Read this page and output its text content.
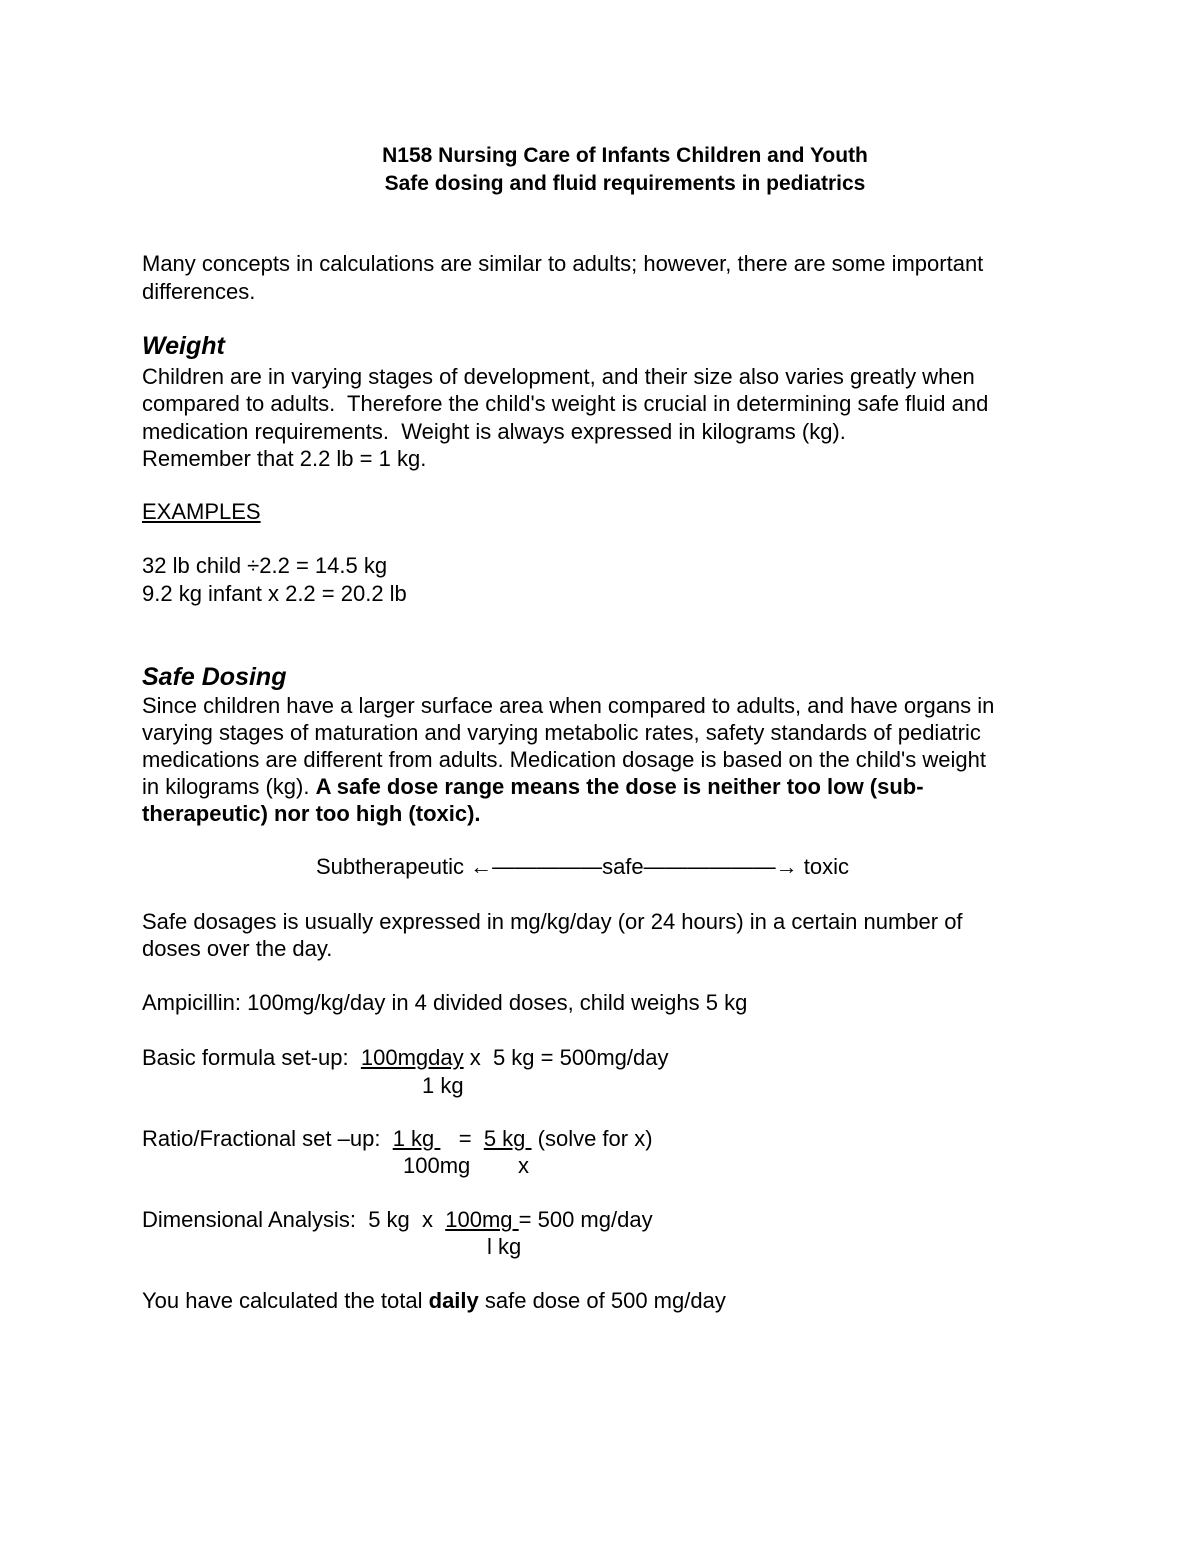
N158 Nursing Care of Infants Children and Youth
Safe dosing and fluid requirements in pediatrics
Many concepts in calculations are similar to adults; however, there are some important
differences.
Weight
Children are in varying stages of development, and their size also varies greatly when
compared to adults.  Therefore the child's weight is crucial in determining safe fluid and
medication requirements.  Weight is always expressed in kilograms (kg).
Remember that 2.2 lb = 1 kg.
EXAMPLES
32 lb child ÷2.2 = 14.5 kg
9.2 kg infant x 2.2 = 20.2 lb
Safe Dosing
Since children have a larger surface area when compared to adults, and have organs in
varying stages of maturation and varying metabolic rates, safety standards of pediatric
medications are different from adults. Medication dosage is based on the child's weight
in kilograms (kg). A safe dose range means the dose is neither too low (sub-
therapeutic) nor too high (toxic).
Subtherapeutic ←―――――safe――――――→ toxic
Safe dosages is usually expressed in mg/kg/day (or 24 hours) in a certain number of
doses over the day.
Ampicillin: 100mg/kg/day in 4 divided doses, child weighs 5 kg
Basic formula set-up:  100mgday x  5 kg = 500mg/day
1 kg
Ratio/Fractional set –up:  1 kg    =  5 kg  (solve for x)
100mg x
Dimensional Analysis:  5 kg  x  100mg = 500 mg/day
l kg
You have calculated the total daily safe dose of 500 mg/day
